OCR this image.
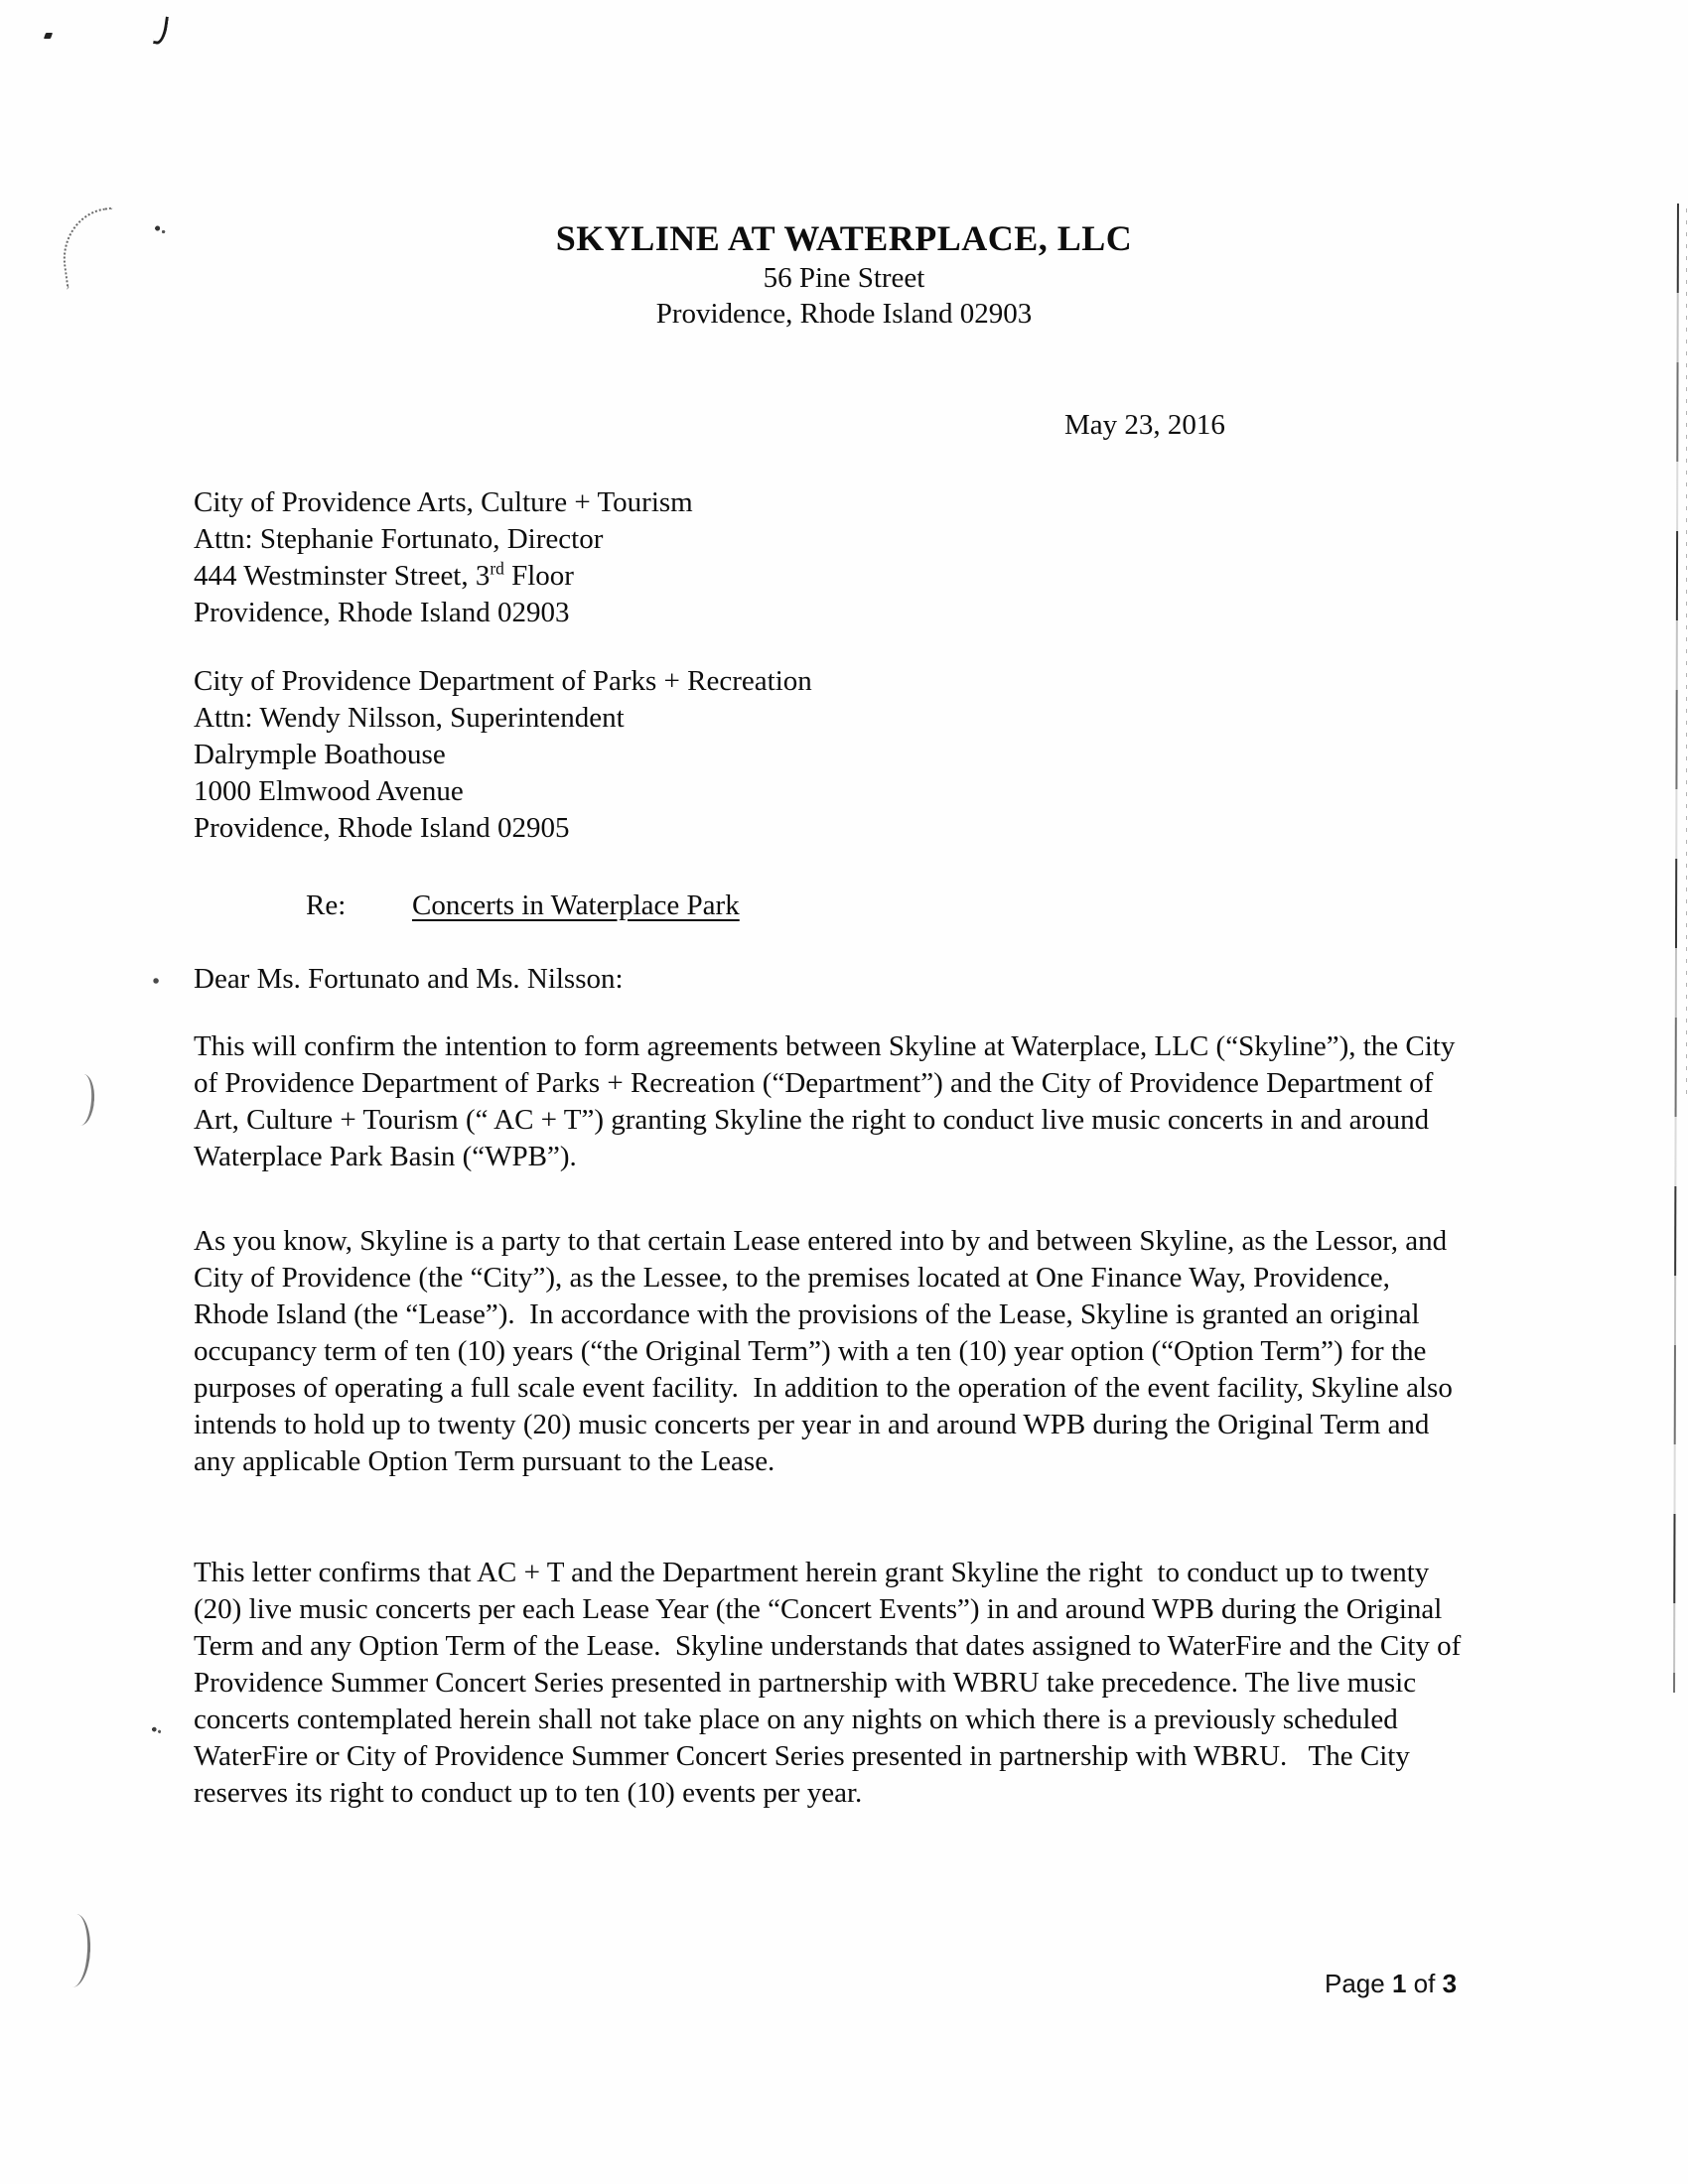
SKYLINE AT WATERPLACE, LLC
56 Pine Street
Providence, Rhode Island 02903
May 23, 2016
City of Providence Arts, Culture + Tourism
Attn: Stephanie Fortunato, Director
444 Westminster Street, 3rd Floor
Providence, Rhode Island 02903
City of Providence Department of Parks + Recreation
Attn: Wendy Nilsson, Superintendent
Dalrymple Boathouse
1000 Elmwood Avenue
Providence, Rhode Island 02905
Re: Concerts in Waterplace Park
Dear Ms. Fortunato and Ms. Nilsson:

This will confirm the intention to form agreements between Skyline at Waterplace, LLC (“Skyline”), the City of Providence Department of Parks + Recreation (“Department”) and the City of Providence Department of Art, Culture + Tourism (“ AC + T”) granting Skyline the right to conduct live music concerts in and around Waterplace Park Basin (“WPB”).

As you know, Skyline is a party to that certain Lease entered into by and between Skyline, as the Lessor, and City of Providence (the “City”), as the Lessee, to the premises located at One Finance Way, Providence, Rhode Island (the “Lease”).  In accordance with the provisions of the Lease, Skyline is granted an original occupancy term of ten (10) years (“the Original Term”) with a ten (10) year option (“Option Term”) for the purposes of operating a full scale event facility.  In addition to the operation of the event facility, Skyline also intends to hold up to twenty (20) music concerts per year in and around WPB during the Original Term and any applicable Option Term pursuant to the Lease.

This letter confirms that AC + T and the Department herein grant Skyline the right  to conduct up to twenty (20) live music concerts per each Lease Year (the “Concert Events”) in and around WPB during the Original Term and any Option Term of the Lease.  Skyline understands that dates assigned to WaterFire and the City of Providence Summer Concert Series presented in partnership with WBRU take precedence. The live music concerts contemplated herein shall not take place on any nights on which there is a previously scheduled WaterFire or City of Providence Summer Concert Series presented in partnership with WBRU.   The City reserves its right to conduct up to ten (10) events per year.

Page 1 of 3
